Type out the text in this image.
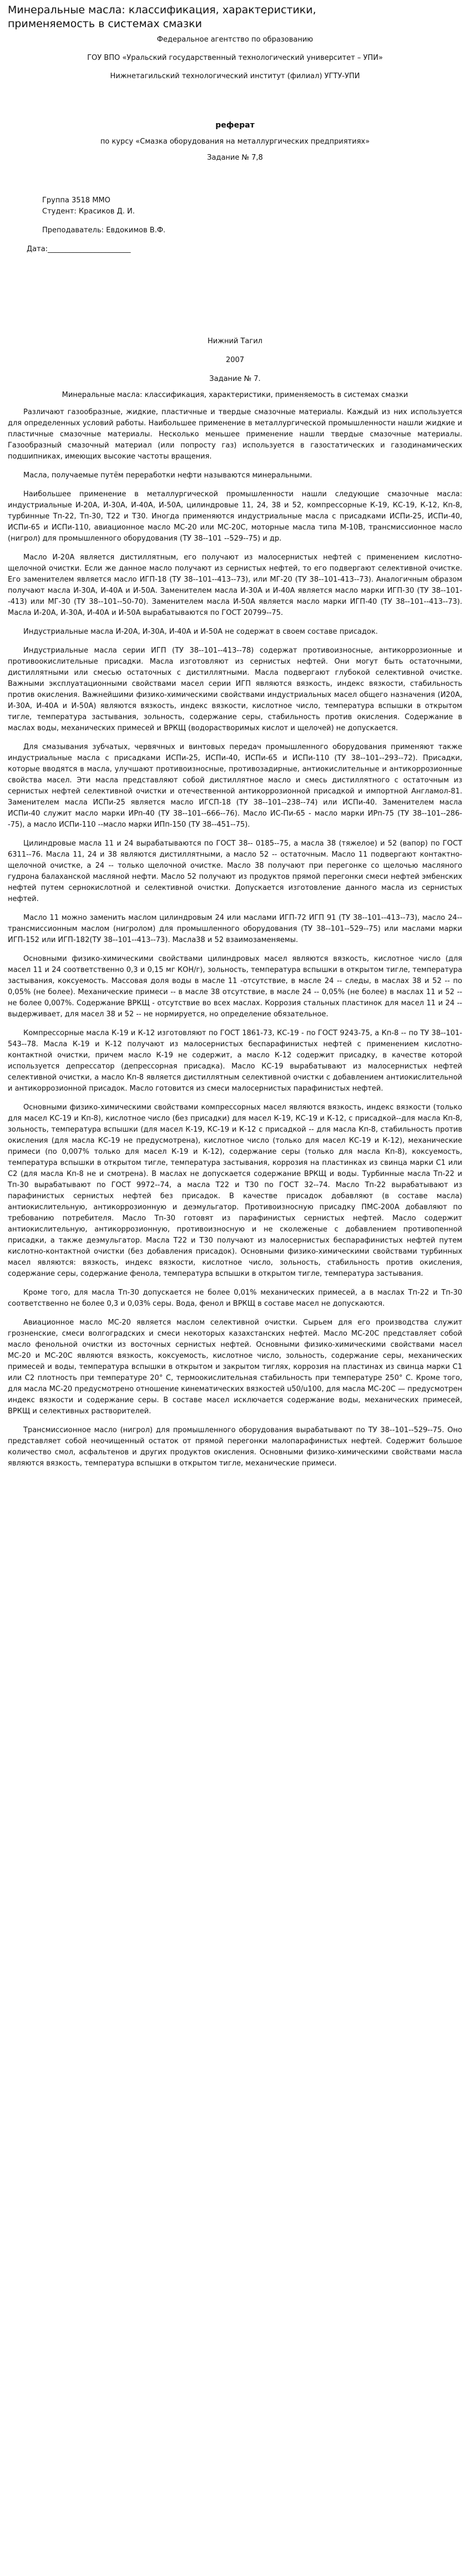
Минеральные масла: классификация, характеристики, применяемость в системах смазки

Федеральное агентство по образованию

ГОУ ВПО «Уральский государственный технологический университет – УПИ»

Нижнетагильский технологический институт (филиал) УГТУ-УПИ

реферат

по курсу «Смазка оборудования на металлургических предприятиях»

Задание № 7,8

Группа 3518 ММО

Студент: Красиков Д. И.

Преподаватель: Евдокимов В.Ф.

Дата:_______________________

Нижний Тагил

2007

Задание № 7.

Минеральные масла: классификация, характеристики, применяемость в системах смазки

Различают газообразные, жидкие, пластичные и твердые смазочные материалы. Каждый из них используется для определенных условий работы. Наибольшее применение в металлургической промышленности нашли жидкие и пластичные смазочные материалы. Несколько меньшее применение нашли твердые смазочные материалы. Газообразный смазочный материал (или попросту газ) используется в газостатических и газодинамических подшипниках, имеющих высокие частоты вращения.

Масла, получаемые путём переработки нефти называются минеральными.

Наибольшее применение в металлургической промышленности нашли следующие смазочные масла: индустриальные И-20А, И-30А, И-40А, И-50А, цилиндровые 11, 24, 38 и 52, компрессорные К-19, КС-19, К-12, Кп-8, турбинные Тп-22, Тп-30, Т22 и Т30. Иногда применяются индустриальные масла с присадками ИСПи-25, ИСПи-40, ИСПи-65 и ИСПи-110, авиационное масло МС-20 или МС-20С, моторные масла типа М-10В, трансмиссионное масло (нигрол) для промышленного оборудования (ТУ 38--101 --529--75) и др.

Масло И-20А является дистиллятным, его получают из малосернистых нефтей с применением кислотно-щелочной очистки. Если же данное масло получают из сернистых нефтей, то его подвергают селективной очистке. Его заменителем является масло ИГП-18 (ТУ 38--101--413--73), или МГ-20 (ТУ 38--101-413--73). Аналогичным образом получают масла И-30А, И-40А и И-50А. Заменителем масла И-30А и И-40А является масло марки ИГП-30 (ТУ 38--101--413) или МГ-30 (ТУ 38--101--50-70). Заменителем масла И-50А является масло марки ИГП-40 (ТУ 38--101--413--73). Масла И-20А, И-30А, И-40А и И-50А вырабатываются по ГОСТ 20799--75.

Индустриальные масла И-20А, И-30А, И-40А и И-50А не содержат в своем составе присадок.

Индустриальные масла серии ИГП (ТУ 38--101--413--78) содержат противоизносные, антикоррозионные и противоокислительные присадки. Масла изготовляют из сернистых нефтей. Они могут быть остаточными, дистиллятными или смесью остаточных с дистиллятными. Масла подвергают глубокой селективной очистке. Важными эксплуатационными свойствами масел серии ИГП являются вязкость, индекс вязкости, стабильность против окисления. Важнейшими физико-химическими свойствами индустриальных масел общего назначения (И20А, И-30А, И-40А и И-50А) являются вязкость, индекс вязкости, кислотное число, температура вспышки в открытом тигле, температура застывания, зольность, содержание серы, стабильность против окисления. Содержание в маслах воды, механических примесей и ВРКЩ (водорастворимых кислот и щелочей) не допускается.

Для смазывания зубчатых, червячных и винтовых передач промышленного оборудования применяют также индустриальные масла с присадками ИСПи-25, ИСПи-40, ИСПи-65 и ИСПи-110 (ТУ 38--101--293--72). Присадки, которые вводятся в масла, улучшают противоизносные, противозадирные, антиокислительные и антикоррозионные свойства масел. Эти масла представляют собой дистиллятное масло и смесь дистиллятного с остаточным из сернистых нефтей селективной очистки и отечественной антикоррозионной присадкой и импортной Англамол-81. Заменителем масла ИСПи-25 является масло ИГСП-18 (ТУ 38--101--238--74) или ИСПи-40. Заменителем масла ИСПи-40 служит масло марки ИРп-40 (ТУ 38--101--666--76). Масло ИС-Пи-65 - масло марки ИРп-75 (ТУ 38--101--286--75), а масло ИСПи-110 --масло марки ИПп-150 (ТУ 38--451--75).

Цилиндровые масла 11 и 24 вырабатываются по ГОСТ 38-- 0185--75, а масла 38 (тяжелое) и 52 (вапор) по ГОСТ 6311--76. Масла 11, 24 и 38 являются дистиллятными, а масло 52 -- остаточным. Масло 11 подвергают контактно-щелочной очистке, а 24 -- только щелочной очистке. Масло 38 получают при перегонке со щелочью масляного гудрона балаханской масляной нефти. Масло 52 получают из продуктов прямой перегонки смеси нефтей эмбенских нефтей путем сернокислотной и селективной очистки. Допускается изготовление данного масла из сернистых нефтей.

Масло 11 можно заменить маслом цилиндровым 24 или маслами ИГП-72 ИГП 91 (ТУ 38--101--413--73), масло 24-- трансмиссионным маслом (нигролом) для промышленного оборудования (ТУ 38--101--529--75) или маслами марки ИГП-152 или ИГП-182(ТУ 38--101--413--73). Масла38 и 52 взаимозаменяемы.

Основными физико-химическими свойствами цилиндровых масел являются вязкость, кислотное число (для масел 11 и 24 соответственно 0,3 и 0,15 мг КОН/г), зольность, температура вспышки в открытом тигле, температура застывания, коксуемость. Массовая доля воды в масле 11 -отсутствие, в масле 24 -- следы, в маслах 38 и 52 -- по 0,05% (не более). Механические примеси -- в масле 38 отсутствие, в масле 24 -- 0,05% (не более) в маслах 11 и 52 -- не более 0,007%. Содержание ВРКЩ - отсутствие во всех маслах. Коррозия стальных пластинок для масел 11 и 24 -- выдерживает, для масел 38 и 52 -- не нормируется, но определение обязательное.

Компрессорные масла К-19 и К-12 изготовляют по ГОСТ 1861-73, КС-19 - по ГОСТ 9243-75, а Кп-8 -- по ТУ 38--101-543--78. Масла К-19 и К-12 получают из малосернистых беспарафинистых нефтей с применением кислотно-контактной очистки, причем масло К-19 не содержит, а масло К-12 содержит присадку, в качестве которой используется депрессатор (депрессорная присадка). Масло КС-19 вырабатывают из малосернистых нефтей селективной очистки, а масло Кп-8 является дистиллятным селективной очистки с добавлением антиокислительной и антикоррозионной присадок. Масло готовится из смеси малосернистых парафинистых нефтей.

Основными физико-химическими свойствами компрессорных масел являются вязкость, индекс вязкости (только для масел КС-19 и Кп-8), кислотное число (без присадки) для масел К-19, КС-19 и К-12, с присадкой--для масла Кп-8, зольность, температура вспышки (для масел К-19, КС-19 и К-12 с присадкой -- для масла Кп-8, стабильность против окисления (для масла КС-19 не предусмотрена), кислотное число (только для масел КС-19 и К-12), механические примеси (по 0,007% только для масел К-19 и К-12), содержание серы (только для масла Кп-8), коксуемость, температура вспышки в открытом тигле, температура застывания, коррозия на пластинках из свинца марки C1 или C2 (для масла Кп-8 не и смотрена). В маслах не допускается содержание ВРКЩ и воды. Турбинные масла Тп-22 и Тп-30 вырабатывают по ГОСТ 9972--74, а масла Т22 и Т30 по ГОСТ 32--74. Масло Тп-22 вырабатывают из парафинистых сернистых нефтей без присадок. В качестве присадок добавляют (в составе масла) антиокислительную, антикоррозионную и деэмульгатор. Противоизносную присадку ПМС-200А добавляют по требованию потребителя. Масло Тп-30 готовят из парафинистых сернистых нефтей. Масло содержит антиокислительную, антикоррозионную, противоизносную и не сколеженые с добавлением противопенной присадки, а также деэмульгатор. Масла Т22 и Т30 получают из малосернистых беспарафинистых нефтей путем кислотно-контактной очистки (без добавления присадок). Основными физико-химическими свойствами турбинных масел являются: вязкость, индекс вязкости, кислотное число, зольность, стабильность против окисления, содержание серы, содержание фенола, температура вспышки в открытом тигле, температура застывания.

Кроме того, для масла Тп-30 допускается не более 0,01% механических примесей, а в маслах Тп-22 и Тп-30 соответственно не более 0,3 и 0,03% серы. Вода, фенол и ВРКЩ в составе масел не допускаются.

Авиационное масло МС-20 является маслом селективной очистки. Сырьем для его производства служит грозненские, смеси волгоградских и смеси некоторых казахстанских нефтей. Масло МС-20С представляет собой масло фенольной очистки из восточных сернистых нефтей. Основными физико-химическими свойствами масел МС-20 и МС-20С являются вязкость, коксуемость, кислотное число, зольность, содержание серы, механических примесей и воды, температура вспышки в открытом и закрытом тиглях, коррозия на пластинах из свинца марки C1 или C2 плотность при температуре 20° С, термоокислительная стабильность при температуре 250° С. Кроме того, для масла МС-20 предусмотрено отношение кинематических вязкостей u50/u100, для масла МС-20С — предусмотрен индекс вязкости и содержание серы. В составе масел исключается содержание воды, механических примесей, ВРКЩ и селективных растворителей.

Трансмиссионное масло (нигрол) для промышленного оборудования вырабатывают по ТУ 38--101--529--75. Оно представляет собой неочищенный остаток от прямой перегонки малопарафинистых нефтей. Содержит большое количество смол, асфальтенов и других продуктов окисления. Основными физико-химическими свойствами масла являются вязкость, температура вспышки в открытом тигле, механические примеси.
